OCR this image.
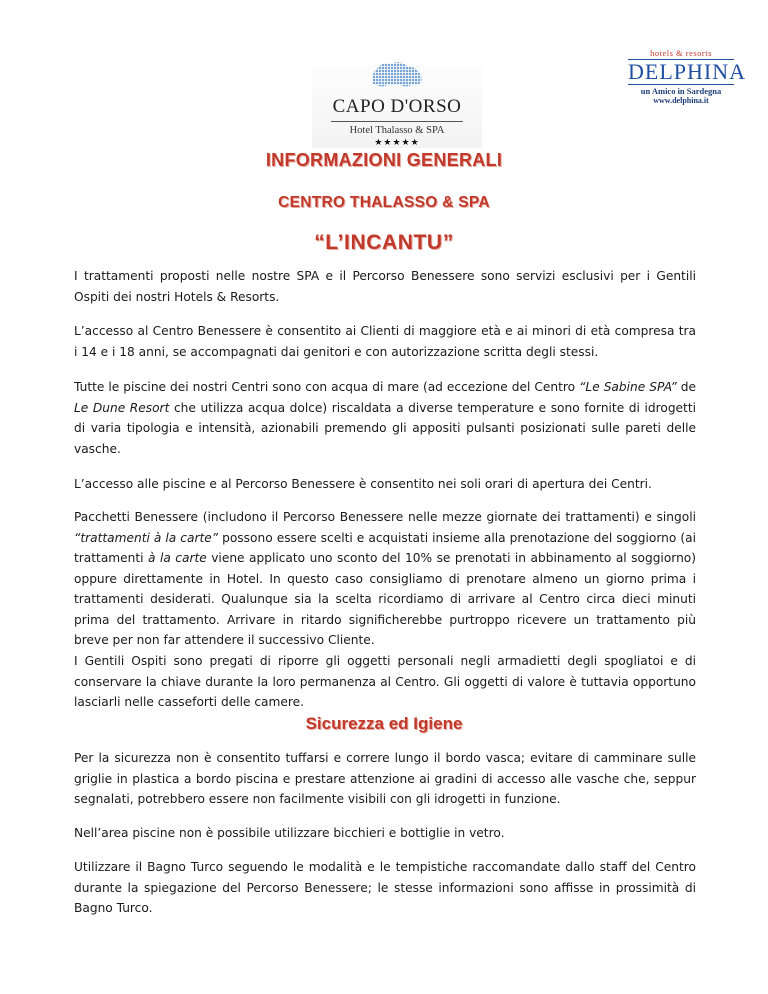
CAPO D'ORSO
Hotel Thalasso & SPA
★★★★★
hotels & resorts
DELPHINA
un Amico in Sardegna
www.delphina.it
INFORMAZIONI GENERALI
CENTRO THALASSO & SPA
“L’INCANTU”
I trattamenti proposti nelle nostre SPA e il Percorso Benessere sono servizi esclusivi per i Gentili Ospiti dei nostri Hotels & Resorts.
L’accesso al Centro Benessere è consentito ai Clienti di maggiore età e ai minori di età compresa tra i 14 e i 18 anni, se accompagnati dai genitori e con autorizzazione scritta degli stessi.
Tutte le piscine dei nostri Centri sono con acqua di mare (ad eccezione del Centro “Le Sabine SPA” de Le Dune Resort che utilizza acqua dolce) riscaldata a diverse temperature e sono fornite di idrogetti di varia tipologia e intensità, azionabili premendo gli appositi pulsanti posizionati sulle pareti delle vasche.
L’accesso alle piscine e al Percorso Benessere è consentito nei soli orari di apertura dei Centri.
Pacchetti Benessere (includono il Percorso Benessere nelle mezze giornate dei trattamenti) e singoli “trattamenti à la carte” possono essere scelti e acquistati insieme alla prenotazione del soggiorno (ai trattamenti à la carte viene applicato uno sconto del 10% se prenotati in abbinamento al soggiorno) oppure direttamente in Hotel. In questo caso consigliamo di prenotare almeno un giorno prima i trattamenti desiderati. Qualunque sia la scelta ricordiamo di arrivare al Centro circa dieci minuti prima del trattamento. Arrivare in ritardo significherebbe purtroppo ricevere un trattamento più breve per non far attendere il successivo Cliente.
I Gentili Ospiti sono pregati di riporre gli oggetti personali negli armadietti degli spogliatoi e di conservare la chiave durante la loro permanenza al Centro. Gli oggetti di valore è tuttavia opportuno lasciarli nelle casseforti delle camere.
Sicurezza ed Igiene
Per la sicurezza non è consentito tuffarsi e correre lungo il bordo vasca; evitare di camminare sulle griglie in plastica a bordo piscina e prestare attenzione ai gradini di accesso alle vasche che, seppur segnalati, potrebbero essere non facilmente visibili con gli idrogetti in funzione.
Nell’area piscine non è possibile utilizzare bicchieri e bottiglie in vetro.
Utilizzare il Bagno Turco seguendo le modalità e le tempistiche raccomandate dallo staff del Centro durante la spiegazione del Percorso Benessere; le stesse informazioni sono affisse in prossimità di Bagno Turco.
